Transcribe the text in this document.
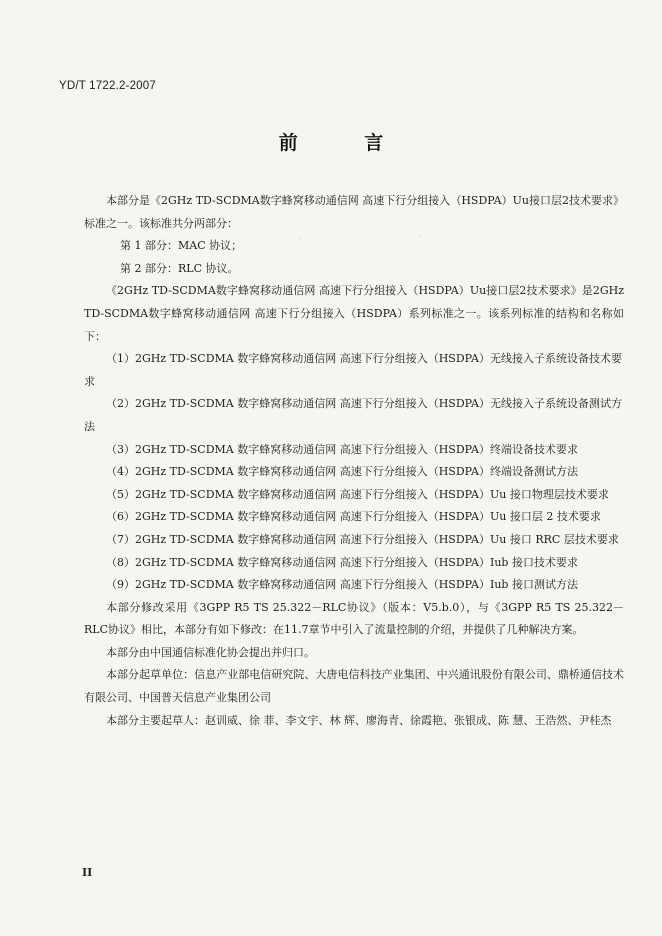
YD/T 1722.2-2007
前 言

本部分是《2GHz TD-SCDMA数字蜂窝移动通信网 高速下行分组接入（HSDPA）Uu接口层2技术要求》标准之一。该标准共分两部分：

第 1 部分：MAC 协议；

第 2 部分：RLC 协议。

《2GHz TD-SCDMA数字蜂窝移动通信网 高速下行分组接入（HSDPA）Uu接口层2技术要求》是2GHz TD-SCDMA数字蜂窝移动通信网 高速下行分组接入（HSDPA）系列标准之一。该系列标准的结构和名称如下：

（1）2GHz TD-SCDMA 数字蜂窝移动通信网 高速下行分组接入（HSDPA）无线接入子系统设备技术要求

（2）2GHz TD-SCDMA 数字蜂窝移动通信网 高速下行分组接入（HSDPA）无线接入子系统设备测试方法

（3）2GHz TD-SCDMA 数字蜂窝移动通信网 高速下行分组接入（HSDPA）终端设备技术要求

（4）2GHz TD-SCDMA 数字蜂窝移动通信网 高速下行分组接入（HSDPA）终端设备测试方法

（5）2GHz TD-SCDMA 数字蜂窝移动通信网 高速下行分组接入（HSDPA）Uu 接口物理层技术要求

（6）2GHz TD-SCDMA 数字蜂窝移动通信网 高速下行分组接入（HSDPA）Uu 接口层 2 技术要求

（7）2GHz TD-SCDMA 数字蜂窝移动通信网 高速下行分组接入（HSDPA）Uu 接口 RRC 层技术要求

（8）2GHz TD-SCDMA 数字蜂窝移动通信网 高速下行分组接入（HSDPA）Iub 接口技术要求

（9）2GHz TD-SCDMA 数字蜂窝移动通信网 高速下行分组接入（HSDPA）Iub 接口测试方法

本部分修改采用《3GPP R5 TS 25.322－RLC协议》（版本：V5.b.0），与《3GPP R5 TS 25.322－RLC协议》相比，本部分有如下修改：在11.7章节中引入了流量控制的介绍，并提供了几种解决方案。

本部分由中国通信标准化协会提出并归口。

本部分起草单位：信息产业部电信研究院、大唐电信科技产业集团、中兴通讯股份有限公司、鼎桥通信技术有限公司、中国普天信息产业集团公司

本部分主要起草人：赵训威、徐 菲、李文宇、林 辉、廖海青、徐霞艳、张银成、陈 慧、王浩然、尹桂杰

II
